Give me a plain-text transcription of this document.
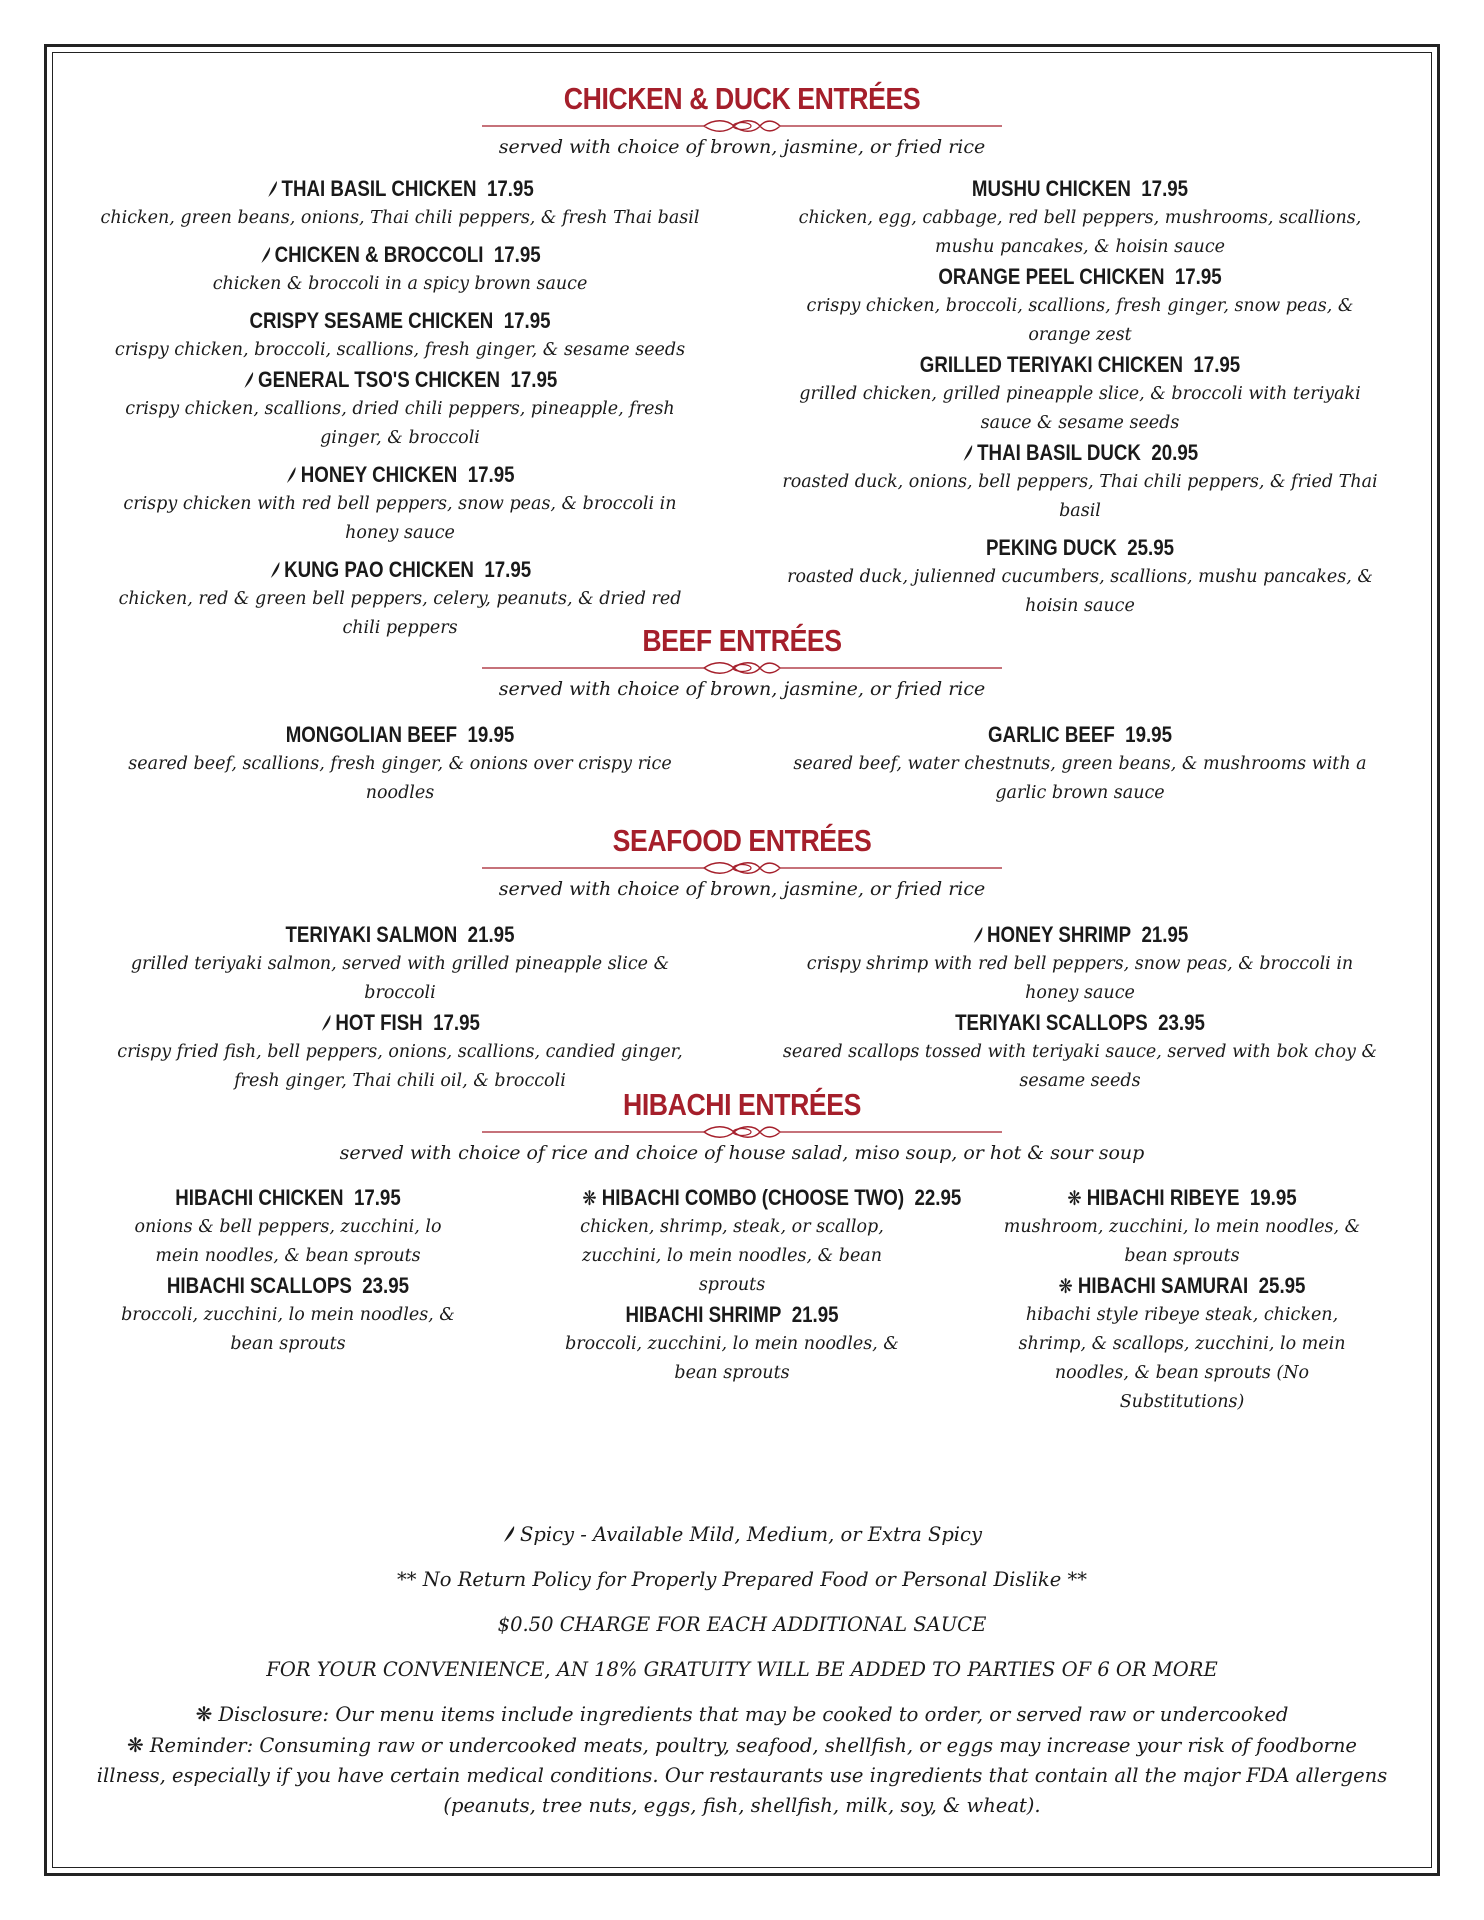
CHICKEN & DUCK ENTRÉES
served with choice of brown, jasmine, or fried rice
THAI BASIL CHICKEN 17.95
chicken, green beans, onions, Thai chili peppers, & fresh Thai basil
CHICKEN & BROCCOLI 17.95
chicken & broccoli in a spicy brown sauce
CRISPY SESAME CHICKEN 17.95
crispy chicken, broccoli, scallions, fresh ginger, & sesame seeds
GENERAL TSO'S CHICKEN 17.95
crispy chicken, scallions, dried chili peppers, pineapple, fresh ginger, & broccoli
HONEY CHICKEN 17.95
crispy chicken with red bell peppers, snow peas, & broccoli in honey sauce
KUNG PAO CHICKEN 17.95
chicken, red & green bell peppers, celery, peanuts, & dried red chili peppers
MUSHU CHICKEN 17.95
chicken, egg, cabbage, red bell peppers, mushrooms, scallions, mushu pancakes, & hoisin sauce
ORANGE PEEL CHICKEN 17.95
crispy chicken, broccoli, scallions, fresh ginger, snow peas, & orange zest
GRILLED TERIYAKI CHICKEN 17.95
grilled chicken, grilled pineapple slice, & broccoli with teriyaki sauce & sesame seeds
THAI BASIL DUCK 20.95
roasted duck, onions, bell peppers, Thai chili peppers, & fried Thai basil
PEKING DUCK 25.95
roasted duck, julienned cucumbers, scallions, mushu pancakes, & hoisin sauce
BEEF ENTRÉES
served with choice of brown, jasmine, or fried rice
MONGOLIAN BEEF 19.95
seared beef, scallions, fresh ginger, & onions over crispy rice noodles
GARLIC BEEF 19.95
seared beef, water chestnuts, green beans, & mushrooms with a garlic brown sauce
SEAFOOD ENTRÉES
served with choice of brown, jasmine, or fried rice
TERIYAKI SALMON 21.95
grilled teriyaki salmon, served with grilled pineapple slice & broccoli
HOT FISH 17.95
crispy fried fish, bell peppers, onions, scallions, candied ginger, fresh ginger, Thai chili oil, & broccoli
HONEY SHRIMP 21.95
crispy shrimp with red bell peppers, snow peas, & broccoli in honey sauce
TERIYAKI SCALLOPS 23.95
seared scallops tossed with teriyaki sauce, served with bok choy & sesame seeds
HIBACHI ENTRÉES
served with choice of rice and choice of house salad, miso soup, or hot & sour soup
HIBACHI CHICKEN 17.95
onions & bell peppers, zucchini, lo mein noodles, & bean sprouts
HIBACHI SCALLOPS 23.95
broccoli, zucchini, lo mein noodles, & bean sprouts
❋ HIBACHI COMBO (CHOOSE TWO) 22.95
chicken, shrimp, steak, or scallop, zucchini, lo mein noodles, & bean sprouts
HIBACHI SHRIMP 21.95
broccoli, zucchini, lo mein noodles, & bean sprouts
❋ HIBACHI RIBEYE 19.95
mushroom, zucchini, lo mein noodles, & bean sprouts
❋ HIBACHI SAMURAI 25.95
hibachi style ribeye steak, chicken, shrimp, & scallops, zucchini, lo mein noodles, & bean sprouts (No Substitutions)

Spicy - Available Mild, Medium, or Extra Spicy

** No Return Policy for Properly Prepared Food or Personal Dislike **

$0.50 CHARGE FOR EACH ADDITIONAL SAUCE

FOR YOUR CONVENIENCE, AN 18% GRATUITY WILL BE ADDED TO PARTIES OF 6 OR MORE

❋ Disclosure: Our menu items include ingredients that may be cooked to order, or served raw or undercooked

❋ Reminder: Consuming raw or undercooked meats, poultry, seafood, shellfish, or eggs may increase your risk of foodborne illness, especially if you have certain medical conditions. Our restaurants use ingredients that contain all the major FDA allergens (peanuts, tree nuts, eggs, fish, shellfish, milk, soy, & wheat).
